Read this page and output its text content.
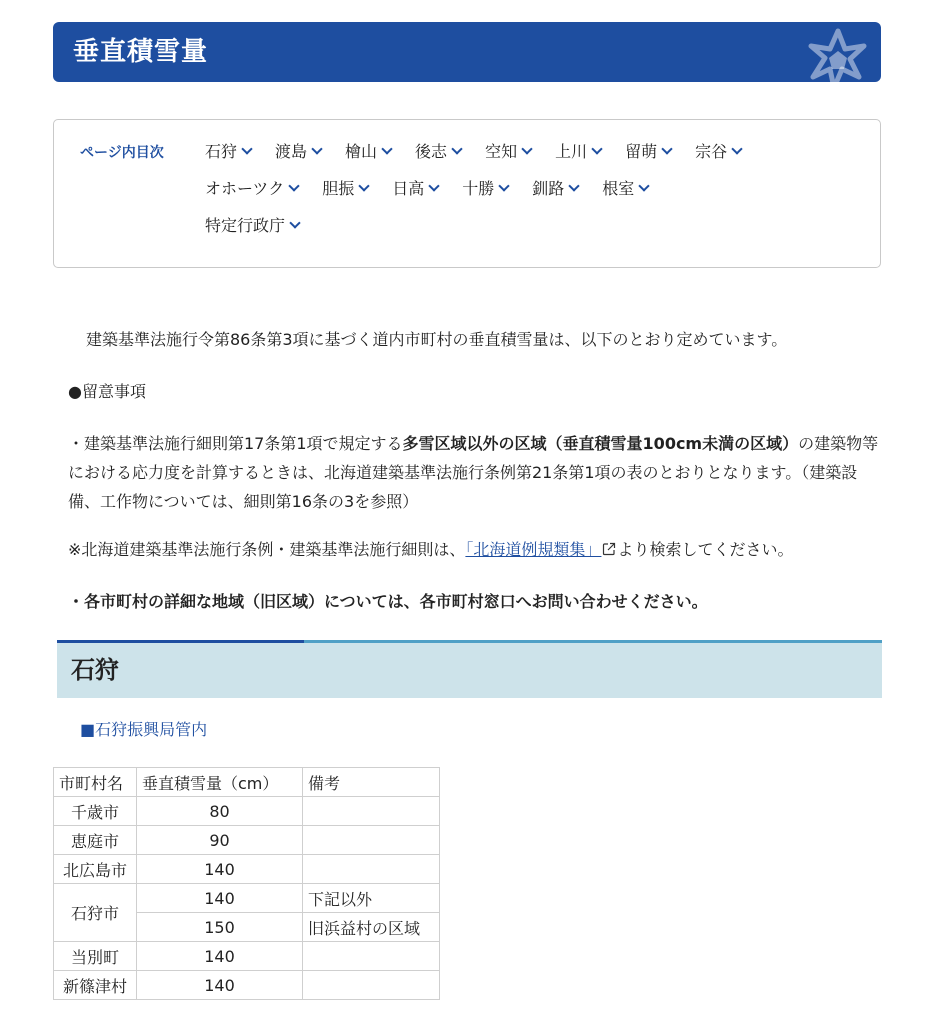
垂直積雪量
ページ内目次	石狩 渡島 檜山 後志 空知 上川 留萌 宗谷
オホーツク 胆振 日高 十勝 釧路 根室
特定行政庁

建築基準法施行令第86条第3項に基づく道内市町村の垂直積雪量は、以下のとおり定めています。

●留意事項

・建築基準法施行細則第17条第1項で規定する多雪区域以外の区域（垂直積雪量100cm未満の区域）の建築物等における応力度を計算するときは、北海道建築基準法施行条例第21条第1項の表のとおりとなります。（建築設備、工作物については、細則第16条の3を参照）

※北海道建築基準法施行条例・建築基準法施行細則は、「北海道例規類集」 より検索してください。

・各市町村の詳細な地域（旧区域）については、各市町村窓口へお問い合わせください。

石狩
■石狩振興局管内
市町村名	垂直積雪量（cm）	備考
千歳市	80	
恵庭市	90	
北広島市	140	
石狩市	140	下記以外
	150	旧浜益村の区域
当別町	140	
新篠津村	140	
